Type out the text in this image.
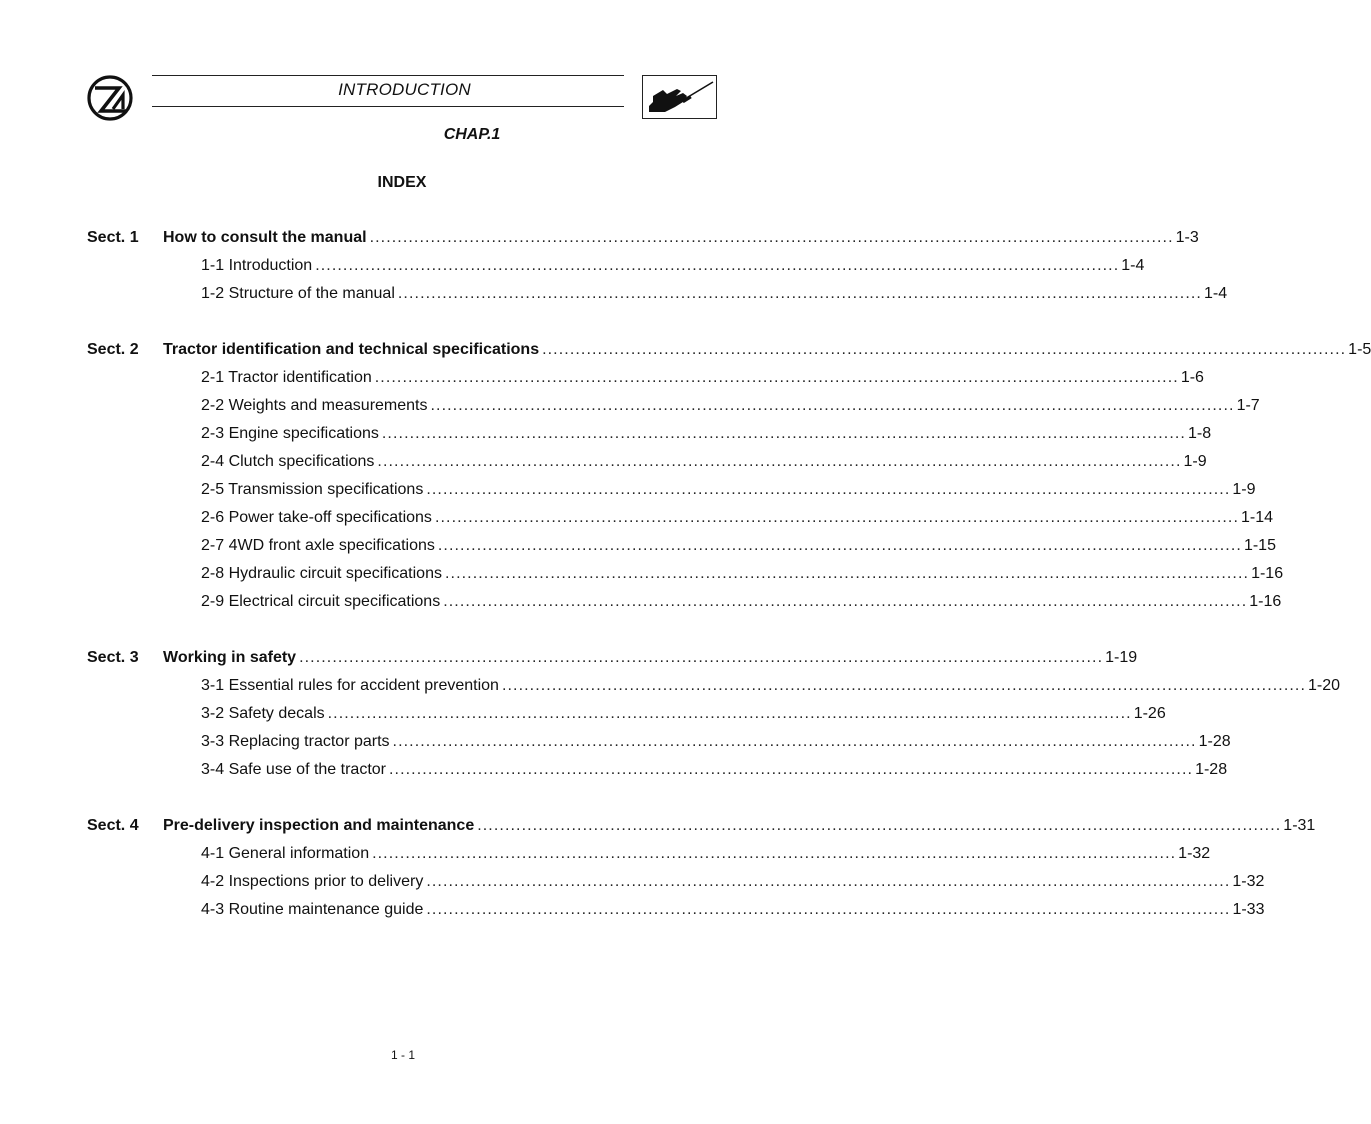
INTRODUCTION
CHAP.1
INDEX
Sect. 1 How to consult the manual ................................................................................................................................................. 1-3
1-1 Introduction ................................................................................................................................................. 1-4
1-2 Structure of the manual ................................................................................................................................................. 1-4
Sect. 2 Tractor identification and technical specifications ................................................................................................................................................. 1-5
2-1 Tractor identification ................................................................................................................................................. 1-6
2-2 Weights and measurements ................................................................................................................................................. 1-7
2-3 Engine specifications ................................................................................................................................................. 1-8
2-4 Clutch specifications ................................................................................................................................................. 1-9
2-5 Transmission specifications ................................................................................................................................................. 1-9
2-6 Power take-off specifications ................................................................................................................................................. 1-14
2-7 4WD front axle specifications ................................................................................................................................................. 1-15
2-8 Hydraulic circuit specifications ................................................................................................................................................. 1-16
2-9 Electrical circuit specifications ................................................................................................................................................. 1-16
Sect. 3 Working in safety ................................................................................................................................................. 1-19
3-1 Essential rules for accident prevention ................................................................................................................................................. 1-20
3-2 Safety decals ................................................................................................................................................. 1-26
3-3 Replacing tractor parts ................................................................................................................................................. 1-28
3-4 Safe use of the tractor ................................................................................................................................................. 1-28
Sect. 4 Pre-delivery inspection and maintenance ................................................................................................................................................. 1-31
4-1 General information ................................................................................................................................................. 1-32
4-2 Inspections prior to delivery ................................................................................................................................................. 1-32
4-3 Routine maintenance guide ................................................................................................................................................. 1-33
1 - 1
